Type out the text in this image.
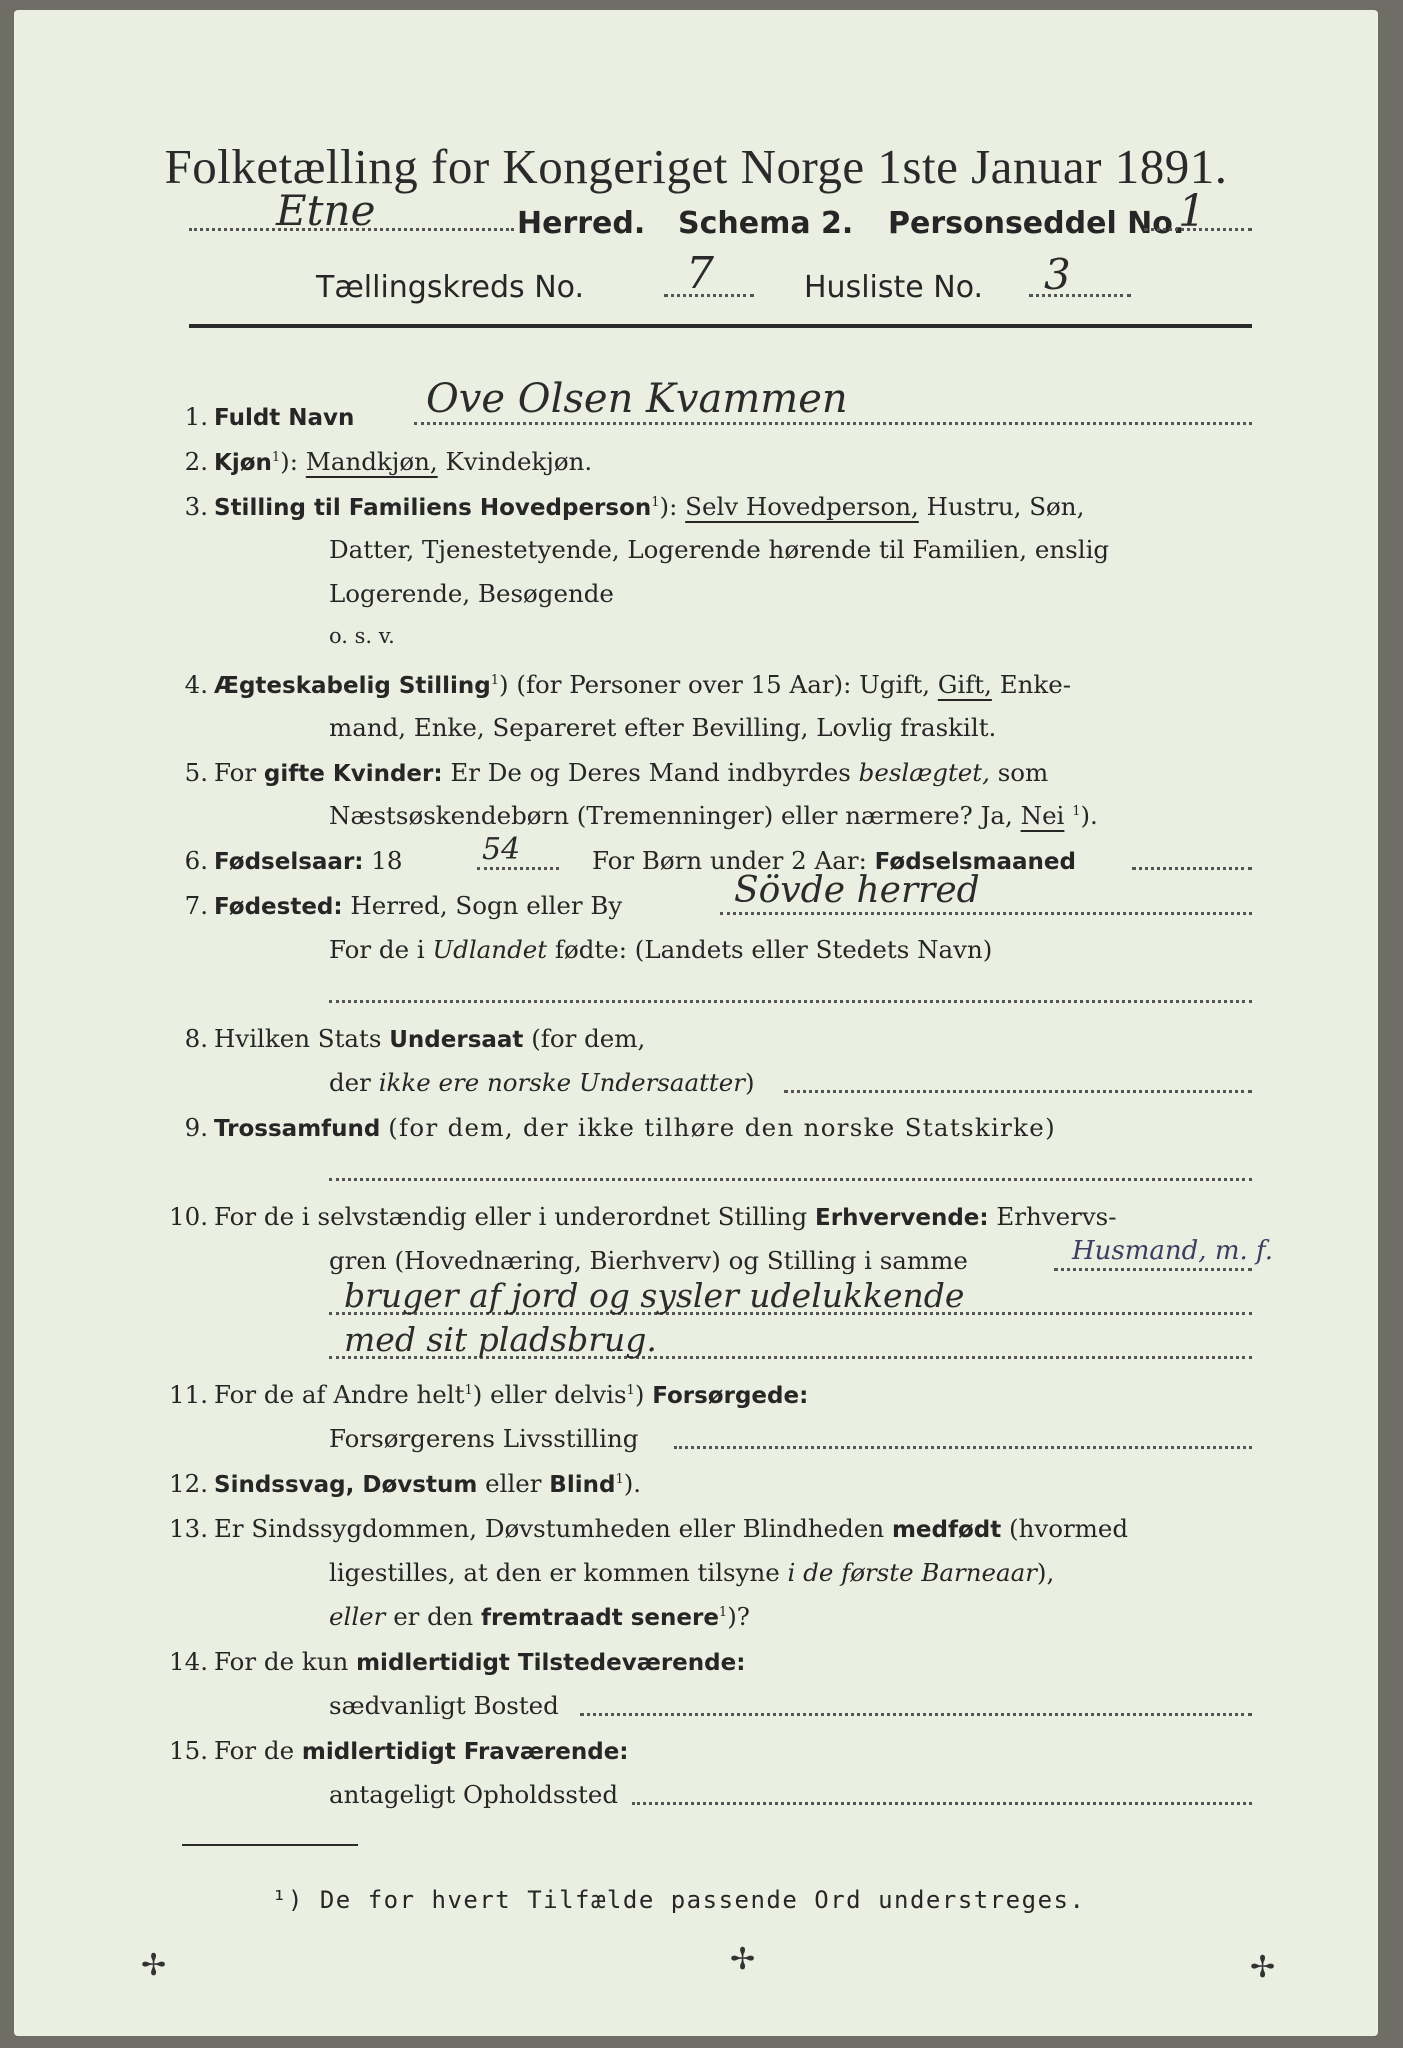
Folketælling for Kongeriget Norge 1ste Januar 1891.
Etne	Herred. Schema 2. Personseddel No.
1
Tællingskreds No. 7	Husliste No. 3
1. Fuldt Navn Ove Olsen Kvammen
2. Kjøn$^1$): Mandkjøn, Kvindekjøn.
3. Stilling til Familiens Hovedperson$^1$): Selv Hovedperson, Hustru, Søn,
Datter, Tjenestetyende, Logerende hørende til Familien, enslig
Logerende, Besøgende
o. s. v.
4. Ægteskabelig Stilling$^1$) (for Personer over 15 Aar): Ugift, Gift, Enke-
mand, Enke, Separeret efter Bevilling, Lovlig fraskilt.
5. For gifte Kvinder: Er De og Deres Mand indbyrdes beslægtet, som
Næstsøskendebørn (Tremenninger) eller nærmere? Ja, Nei $^1$).
6. Fødselsaar: 18	54	For Børn under 2 Aar: Fødselsmaaned
7. Fødested: Herred, Sogn eller By	Sövde herred
For de i Udlandet fødte: (Landets eller Stedets Navn)
8. Hvilken Stats Undersaat (for dem,
der ikke ere norske Undersaatter)
9. Trossamfund (for dem, der ikke tilhøre den norske Statskirke)
10. For de i selvstændig eller i underordnet Stilling Erhvervende: Erhvervs-
gren (Hovednæring, Bierhverv) og Stilling i samme	Husmand, m. f.
bruger af jord og sysler udelukkende
med sit pladsbrug.
11. For de af Andre helt$^1$) eller delvis$^1$) Forsørgede:
Forsørgerens Livsstilling
12. Sindssvag, Døvstum eller Blind$^1$).
13. Er Sindssygdommen, Døvstumheden eller Blindheden medfødt (hvormed
ligestilles, at den er kommen tilsyne i de første Barneaar),
eller er den fremtraadt senere$^1$)?
14. For de kun midlertidigt Tilstedeværende:
sædvanligt Bosted
15. For de midlertidigt Fraværende:
antageligt Opholdssted
¹) De for hvert Tilfælde passende Ord understreges.
✢	✢	✢
